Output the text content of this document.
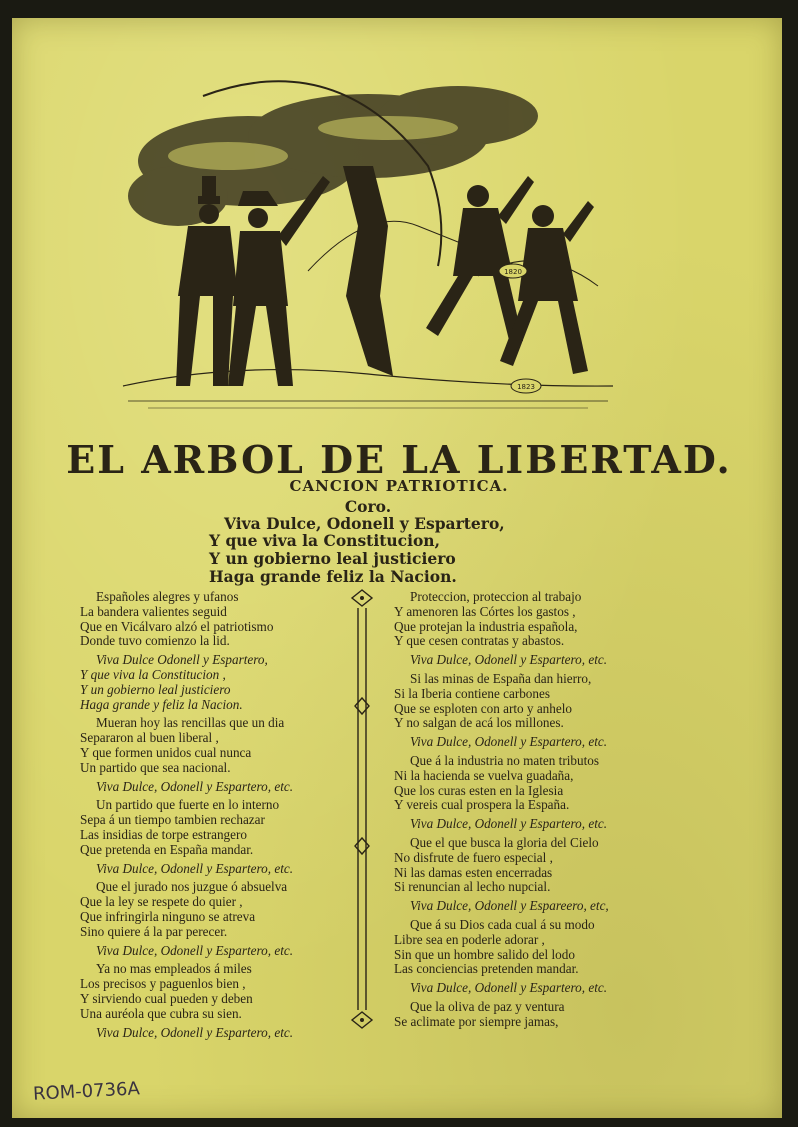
1820
1823
EL ARBOL DE LA LIBERTAD.
CANCION PATRIOTICA.
Coro.
Viva Dulce, Odonell y Espartero,
Y que viva la Constitucion,
Y un gobierno leal justiciero
Haga grande feliz la Nacion.
Españoles alegres y ufanos
La bandera valientes seguid
Que en Vicálvaro alzó el patriotismo
Donde tuvo comienzo la lid.
Viva Dulce Odonell y Espartero,
Y que viva la Constitucion ,
Y un gobierno leal justiciero
Haga grande y feliz la Nacion.
Mueran hoy las rencillas que un dia
Separaron al buen liberal ,
Y que formen unidos cual nunca
Un partido que sea nacional.
Viva Dulce, Odonell y Espartero, etc.
Un partido que fuerte en lo interno
Sepa á un tiempo tambien rechazar
Las insidias de torpe estrangero
Que pretenda en España mandar.
Viva Dulce, Odonell y Espartero, etc.
Que el jurado nos juzgue ó absuelva
Que la ley se respete do quier ,
Que infringirla ninguno se atreva
Sino quiere á la par perecer.
Viva Dulce, Odonell y Espartero, etc.
Ya no mas empleados á miles
Los precisos y paguenlos bien ,
Y sirviendo cual pueden y deben
Una auréola que cubra su sien.
Viva Dulce, Odonell y Espartero, etc.
Proteccion, proteccion al trabajo
Y amenoren las Córtes los gastos ,
Que protejan la industria española,
Y que cesen contratas y abastos.
Viva Dulce, Odonell y Espartero, etc.
Si las minas de España dan hierro,
Si la Iberia contiene carbones
Que se esploten con arto y anhelo
Y no salgan de acá los millones.
Viva Dulce, Odonell y Espartero, etc.
Que á la industria no maten tributos
Ni la hacienda se vuelva guadaña,
Que los curas esten en la Iglesia
Y vereis cual prospera la España.
Viva Dulce, Odonell y Espartero, etc.
Que el que busca la gloria del Cielo
No disfrute de fuero especial ,
Ni las damas esten encerradas
Si renuncian al lecho nupcial.
Viva Dulce, Odonell y Espareero, etc,
Que á su Dios cada cual á su modo
Libre sea en poderle adorar ,
Sin que un hombre salido del lodo
Las conciencias pretenden mandar.
Viva Dulce, Odonell y Espartero, etc.
Que la oliva de paz y ventura
Se aclimate por siempre jamas,
ROM-0736A
